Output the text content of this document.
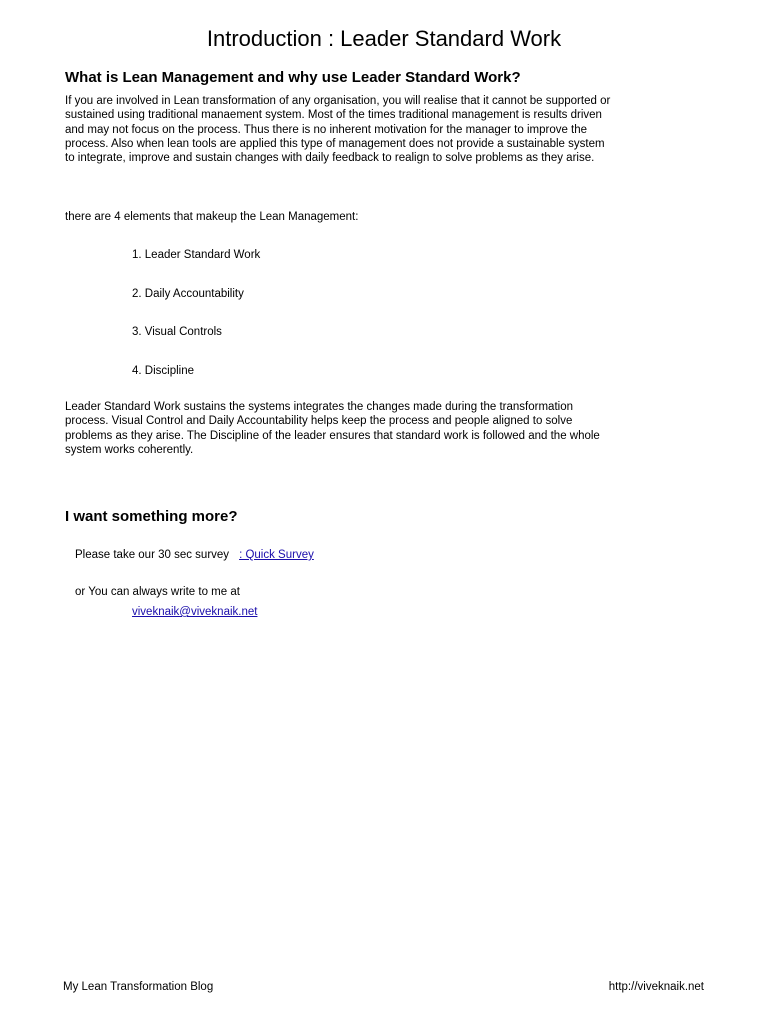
Introduction : Leader Standard Work
What is Lean Management and why use Leader Standard Work?

If you are involved in Lean transformation of any organisation, you will realise that it cannot be supported or sustained using traditional manaement system. Most of the times traditional management is results driven and may not focus on the process. Thus there is no inherent motivation for the manager to improve the process. Also when lean tools are applied this type of management does not provide a sustainable system to integrate, improve and sustain changes with daily feedback to realign to solve problems as they arise.

there are 4 elements that makeup the Lean Management:

1. Leader Standard Work
2. Daily Accountability
3. Visual Controls
4. Discipline

Leader Standard Work sustains the systems integrates the changes made during the transformation process. Visual Control and Daily Accountability helps keep the process and people aligned to solve problems as they arise. The Discipline of the leader ensures that standard work is followed and the whole system works coherently.

I want something more?
Please take our 30 sec survey : Quick Survey
or You can always write to me at
viveknaik@viveknaik.net
My Lean Transformation Blog	http://viveknaik.net
